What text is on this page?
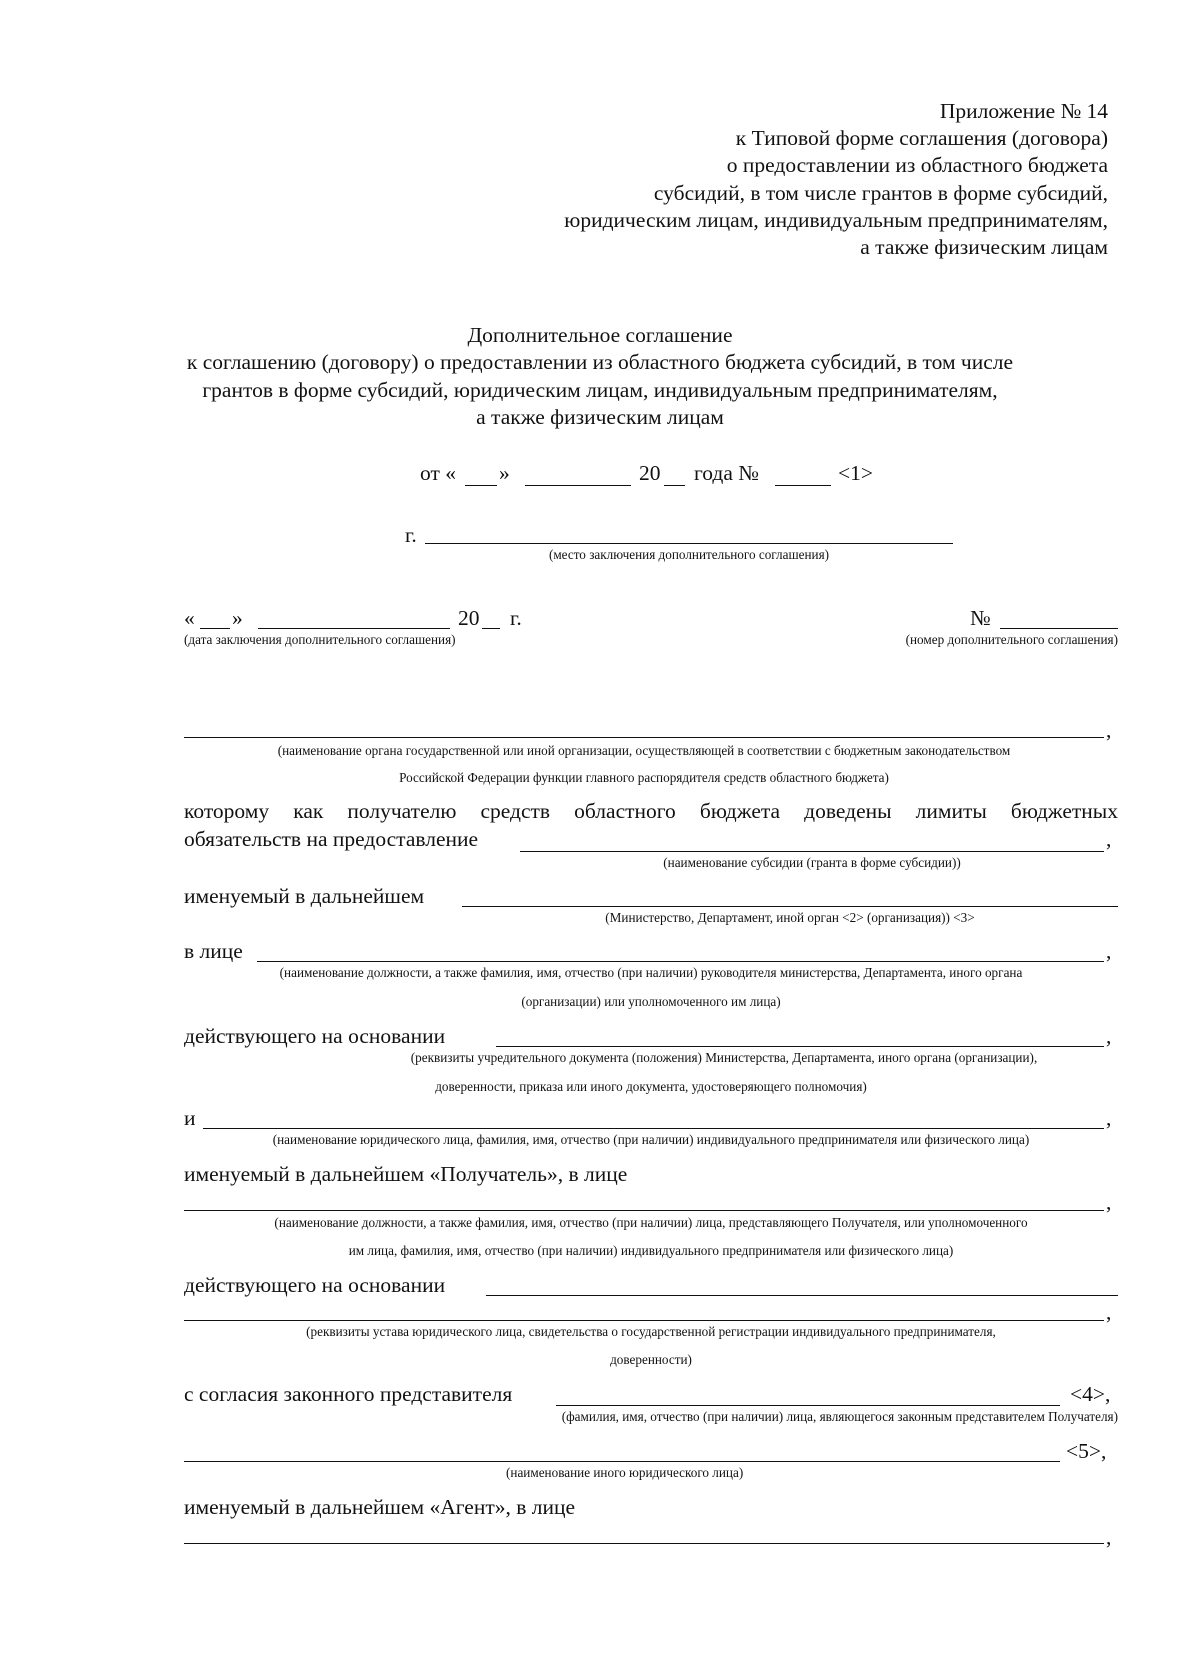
Приложение № 14
к Типовой форме соглашения (договора)
о предоставлении из областного бюджета
субсидий, в том числе грантов в форме субсидий,
юридическим лицам, индивидуальным предпринимателям,
а также физическим лицам
Дополнительное соглашение
к соглашению (договору) о предоставлении из областного бюджета субсидий, в том числе
грантов в форме субсидий, юридическим лицам, индивидуальным предпринимателям,
а также физическим лицам
от « »	20 года №	<1>
г.
(место заключения дополнительного соглашения)
« »	20 г.
(дата заключения дополнительного соглашения)
№
(номер дополнительного соглашения)
,
(наименование органа государственной или иной организации, осуществляющей в соответствии с бюджетным законодательством
Российской Федерации функции главного распорядителя средств областного бюджета)
которому как получателю средств областного бюджета доведены лимиты бюджетных
обязательств на предоставление	,
(наименование субсидии (гранта в форме субсидии))
именуемый в дальнейшем
(Министерство, Департамент, иной орган <2> (организация)) <3>
в лице	,
(наименование должности, а также фамилия, имя, отчество (при наличии) руководителя министерства, Департамента, иного органа
(организации) или уполномоченного им лица)
действующего на основании	,
(реквизиты учредительного документа (положения) Министерства, Департамента, иного органа (организации),
доверенности, приказа или иного документа, удостоверяющего полномочия)
и	,
(наименование юридического лица, фамилия, имя, отчество (при наличии) индивидуального предпринимателя или физического лица)
именуемый в дальнейшем «Получатель», в лице
,
(наименование должности, а также фамилия, имя, отчество (при наличии) лица, представляющего Получателя, или уполномоченного
им лица, фамилия, имя, отчество (при наличии) индивидуального предпринимателя или физического лица)
действующего на основании
,
(реквизиты устава юридического лица, свидетельства о государственной регистрации индивидуального предпринимателя,
доверенности)
с согласия законного представителя	<4>,
(фамилия, имя, отчество (при наличии) лица, являющегося законным представителем Получателя)
<5>,
(наименование иного юридического лица)
именуемый в дальнейшем «Агент», в лице
,
